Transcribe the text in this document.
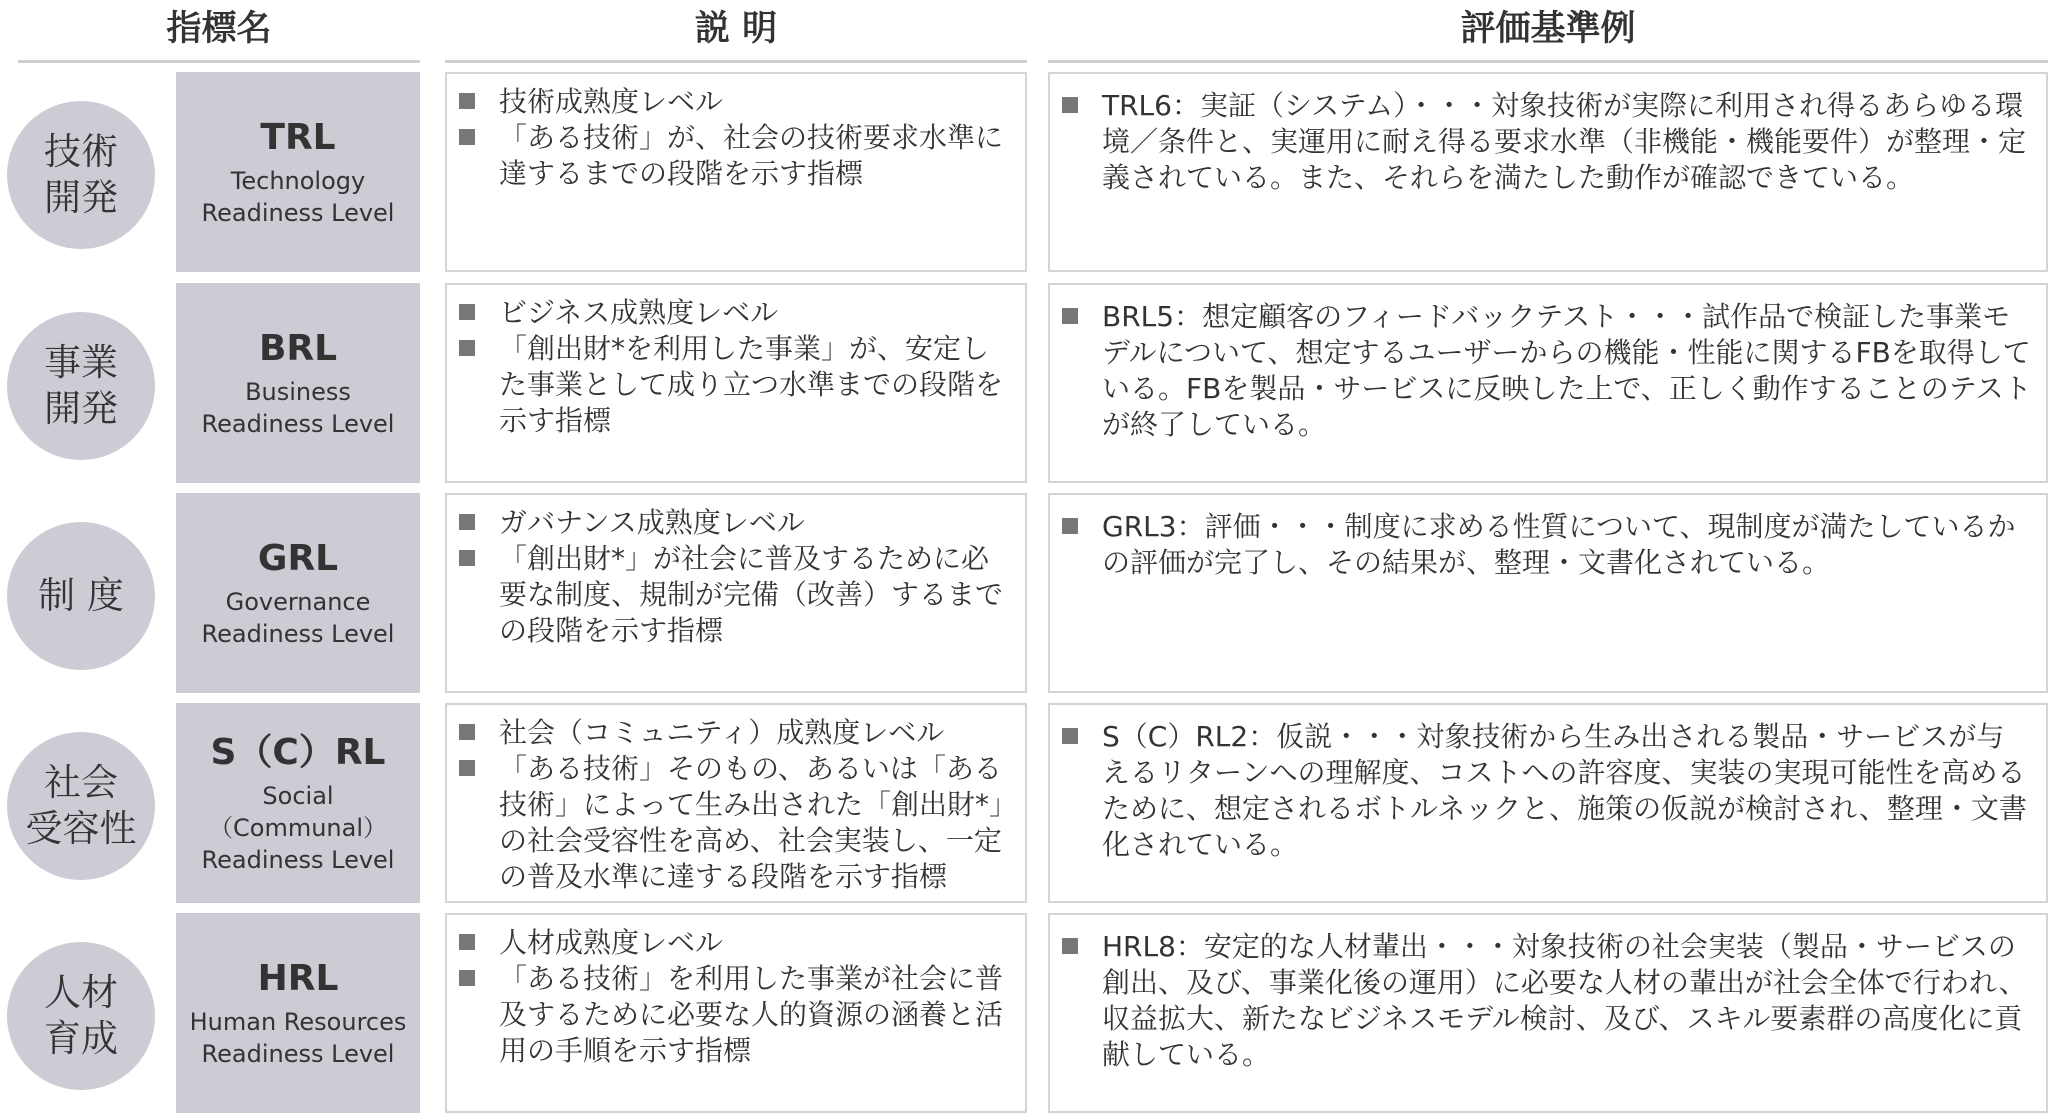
指標名	説 明	評価基準例
技術
開発
TRL
Technology
Readiness Level

技術成熟度レベル

「ある技術」が、社会の技術要求水準に達するまでの段階を示す指標

TRL6：実証（システム）・・・対象技術が実際に利用され得るあらゆる環境／条件と、実運用に耐え得る要求水準（非機能・機能要件）が整理・定義されている。また、それらを満たした動作が確認できている。

事業
開発
BRL
Business
Readiness Level

ビジネス成熟度レベル

「創出財*を利用した事業」が、安定した事業として成り立つ水準までの段階を示す指標

BRL5：想定顧客のフィードバックテスト・・・試作品で検証した事業モデルについて、想定するユーザーからの機能・性能に関するFBを取得している。FBを製品・サービスに反映した上で、正しく動作することのテストが終了している。

制 度
GRL
Governance
Readiness Level

ガバナンス成熟度レベル

「創出財*」が社会に普及するために必要な制度、規制が完備（改善）するまでの段階を示す指標

GRL3：評価・・・制度に求める性質について、現制度が満たしているかの評価が完了し、その結果が、整理・文書化されている。

社会
受容性
S（C）RL
Social
（Communal）
Readiness Level

社会（コミュニティ）成熟度レベル

「ある技術」そのもの、あるいは「ある技術」によって生み出された「創出財*」の社会受容性を高め、社会実装し、一定の普及水準に達する段階を示す指標

S（C）RL2：仮説・・・対象技術から生み出される製品・サービスが与えるリターンへの理解度、コストへの許容度、実装の実現可能性を高めるために、想定されるボトルネックと、施策の仮説が検討され、整理・文書化されている。

人材
育成
HRL
Human Resources
Readiness Level

人材成熟度レベル

「ある技術」を利用した事業が社会に普及するために必要な人的資源の涵養と活用の手順を示す指標

HRL8：安定的な人材輩出・・・対象技術の社会実装（製品・サービスの創出、及び、事業化後の運用）に必要な人材の輩出が社会全体で行われ、収益拡大、新たなビジネスモデル検討、及び、スキル要素群の高度化に貢献している。
